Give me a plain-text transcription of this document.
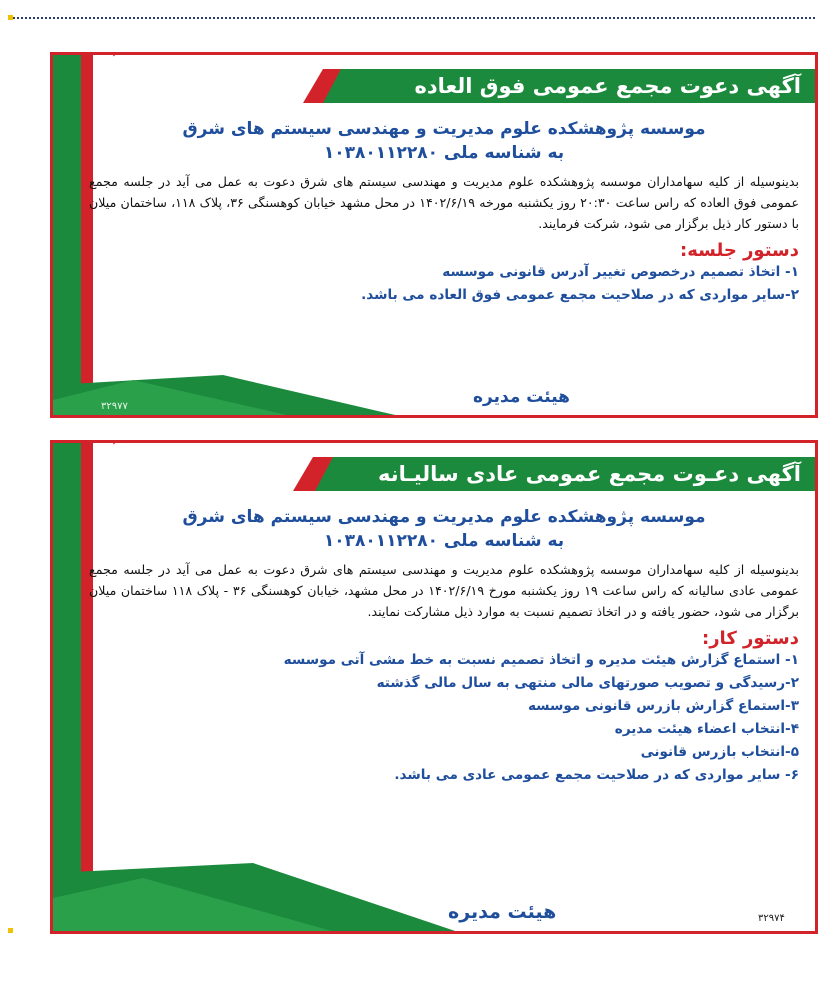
آگهی دعوت مجمع عمومی فوق العاده سالیانه
موسسه پژوهشکده علوم مدیریت و مهندسی سیستم های شرق
به شناسه ملی ۱۰۳۸۰۱۱۲۲۸۰
بدینوسیله از کلیه سهامداران موسسه پژوهشکده علوم مدیریت و مهندسی سیستم های شرق دعوت به عمل می آید در جلسه مجمع عمومی فوق العاده که راس ساعت ۲۰:۳۰ روز یکشنبه مورخه ۱۴۰۲/۶/۱۹ در محل مشهد خیابان کوهسنگی ۳۶، پلاک ۱۱۸، ساختمان میلان با دستور کار ذیل برگزار می شود، شرکت فرمایند.
دستور جلسه:
۱- اتخاذ تصمیم درخصوص تغییر آدرس قانونی موسسه
۲-سایر مواردی که در صلاحیت مجمع عمومی فوق العاده می باشد.
هیئت مدیره
۳۲۹۷۷
آگهی دعـوت مجمع عمومی عادی سالیـانه
موسسه پژوهشکده علوم مدیریت و مهندسی سیستم های شرق
به شناسه ملی ۱۰۳۸۰۱۱۲۲۸۰
بدینوسیله از کلیه سهامداران موسسه پژوهشکده علوم مدیریت و مهندسی سیستم های شرق دعوت به عمل می آید در جلسه مجمع عمومی عادی سالیانه که راس ساعت ۱۹ روز یکشنبه مورخ ۱۴۰۲/۶/۱۹ در محل مشهد، خیابان کوهسنگی ۳۶ - پلاک ۱۱۸ ساختمان میلان برگزار می شود، حضور یافته و در اتخاذ تصمیم نسبت به موارد ذیل مشارکت نمایند.
دستور کار:
۱- استماع گزارش هیئت مدیره و اتخاذ تصمیم نسبت به خط مشی آتی موسسه
۲-رسیدگی و تصویب صورتهای مالی منتهی به سال مالی گذشته
۳-استماع گزارش بازرس قانونی موسسه
۴-انتخاب اعضاء هیئت مدیره
۵-انتخاب بازرس قانونی
۶- سایر مواردی که در صلاحیت مجمع عمومی عادی می باشد.
هیئت مدیره	۳۲۹۷۴
